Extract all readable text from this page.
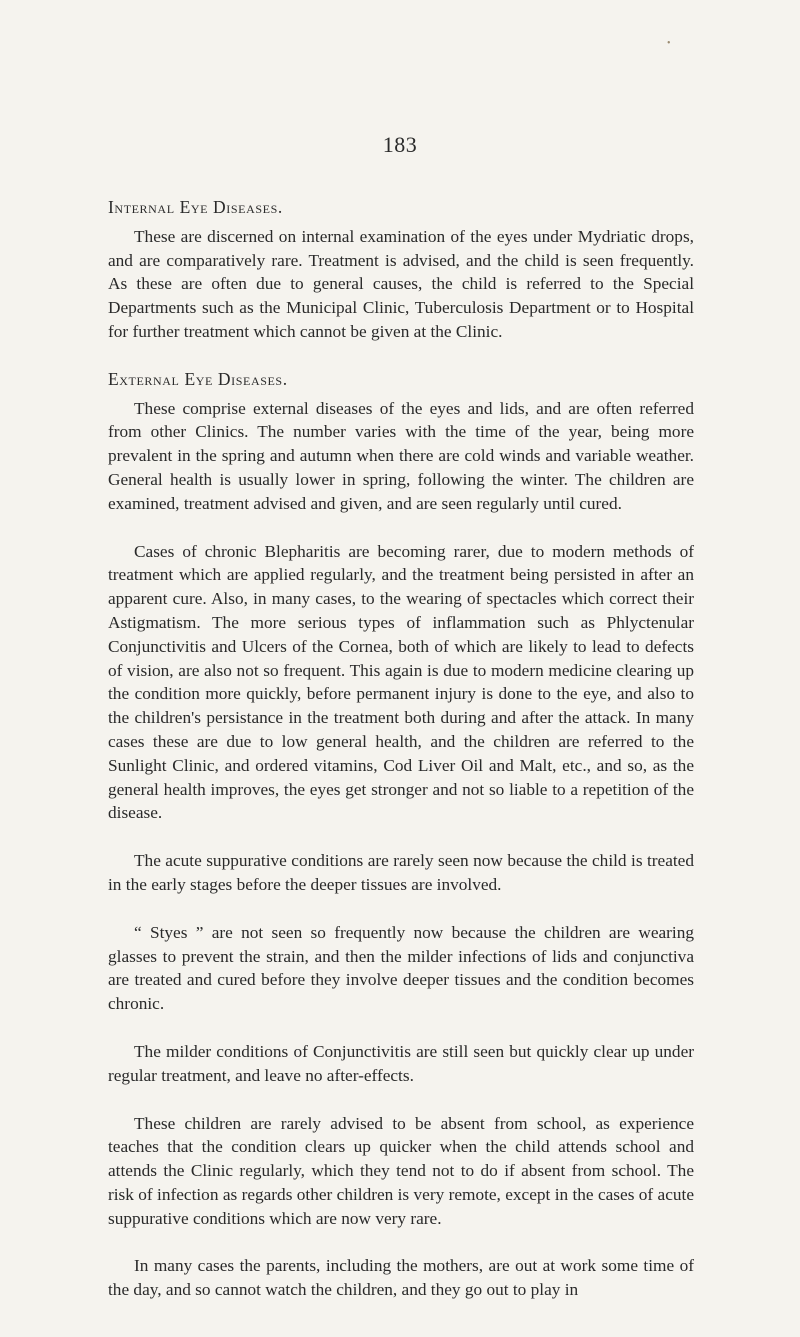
•
183
Internal Eye Diseases.

These are discerned on internal examination of the eyes under Mydriatic drops, and are comparatively rare. Treatment is advised, and the child is seen frequently. As these are often due to general causes, the child is referred to the Special Departments such as the Municipal Clinic, Tuberculosis Department or to Hospital for further treatment which cannot be given at the Clinic.

External Eye Diseases.

These comprise external diseases of the eyes and lids, and are often referred from other Clinics. The number varies with the time of the year, being more prevalent in the spring and autumn when there are cold winds and variable weather. General health is usually lower in spring, following the winter. The children are examined, treatment advised and given, and are seen regularly until cured.

Cases of chronic Blepharitis are becoming rarer, due to modern methods of treatment which are applied regularly, and the treatment being persisted in after an apparent cure. Also, in many cases, to the wearing of spectacles which correct their Astigmatism. The more serious types of inflammation such as Phlyctenular Conjunctivitis and Ulcers of the Cornea, both of which are likely to lead to defects of vision, are also not so frequent. This again is due to modern medicine clearing up the condition more quickly, before permanent injury is done to the eye, and also to the children's persistance in the treatment both during and after the attack. In many cases these are due to low general health, and the children are referred to the Sunlight Clinic, and ordered vitamins, Cod Liver Oil and Malt, etc., and so, as the general health improves, the eyes get stronger and not so liable to a repetition of the disease.

The acute suppurative conditions are rarely seen now because the child is treated in the early stages before the deeper tissues are involved.

“ Styes ” are not seen so frequently now because the children are wearing glasses to prevent the strain, and then the milder infections of lids and conjunctiva are treated and cured before they involve deeper tissues and the condition becomes chronic.

The milder conditions of Conjunctivitis are still seen but quickly clear up under regular treatment, and leave no after-effects.

These children are rarely advised to be absent from school, as experience teaches that the condition clears up quicker when the child attends school and attends the Clinic regularly, which they tend not to do if absent from school. The risk of infection as regards other children is very remote, except in the cases of acute suppurative conditions which are now very rare.

In many cases the parents, including the mothers, are out at work some time of the day, and so cannot watch the children, and they go out to play in
